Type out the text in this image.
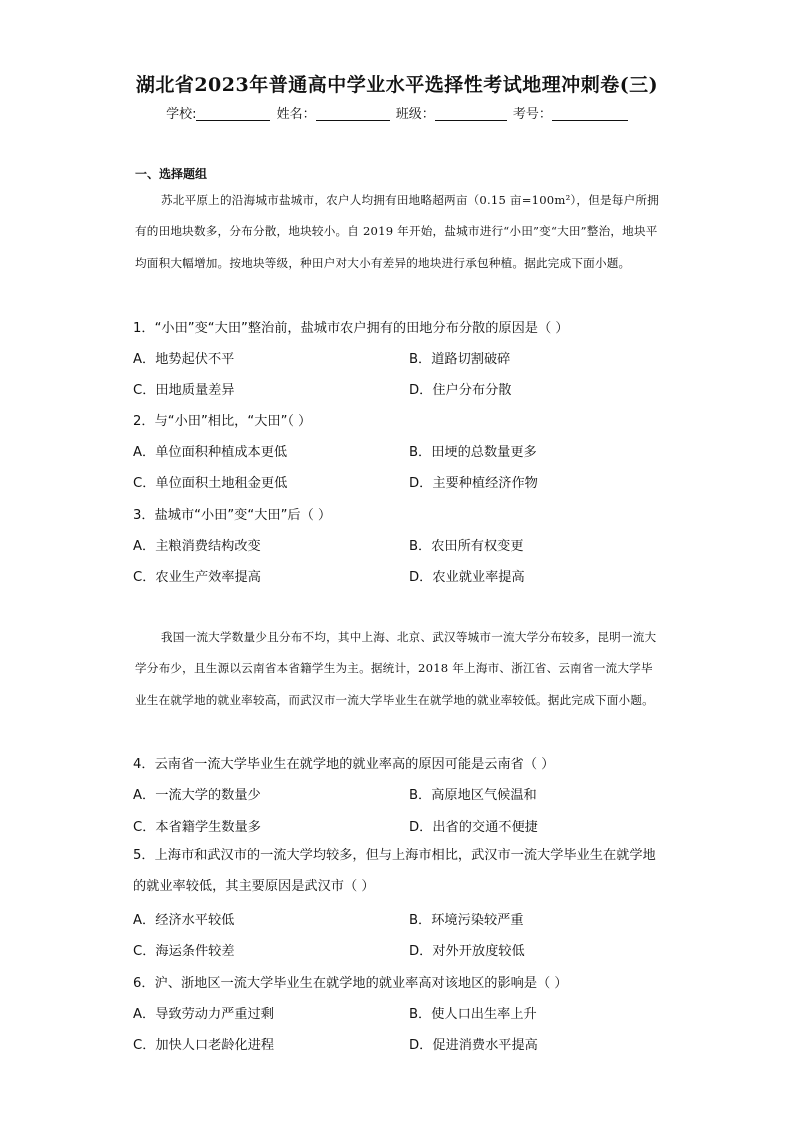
湖北省2023年普通高中学业水平选择性考试地理冲刺卷(三)
学校:	姓名：	班级：	考号：
一、选择题组

苏北平原上的沿海城市盐城市，农户人均拥有田地略超两亩（0.15 亩=100m²），但是每户所拥有的田地块数多，分布分散，地块较小。自 2019 年开始，盐城市进行“小田”变“大田”整治，地块平均面积大幅增加。按地块等级，种田户对大小有差异的地块进行承包种植。据此完成下面小题。

1．“小田”变“大田”整治前，盐城市农户拥有的田地分布分散的原因是（ ）
A．地势起伏不平	B．道路切割破碎
C．田地质量差异	D．住户分布分散
2．与“小田”相比，“大田”（ ）
A．单位面积种植成本更低	B．田埂的总数量更多
C．单位面积土地租金更低	D．主要种植经济作物
3．盐城市“小田”变“大田”后（ ）
A．主粮消费结构改变	B．农田所有权变更
C．农业生产效率提高	D．农业就业率提高

我国一流大学数量少且分布不均，其中上海、北京、武汉等城市一流大学分布较多，昆明一流大学分布少，且生源以云南省本省籍学生为主。据统计，2018 年上海市、浙江省、云南省一流大学毕业生在就学地的就业率较高，而武汉市一流大学毕业生在就学地的就业率较低。据此完成下面小题。

4．云南省一流大学毕业生在就学地的就业率高的原因可能是云南省（ ）
A．一流大学的数量少	B．高原地区气候温和
C．本省籍学生数量多	D．出省的交通不便捷
5．上海市和武汉市的一流大学均较多，但与上海市相比，武汉市一流大学毕业生在就学地的就业率较低，其主要原因是武汉市（ ）
A．经济水平较低	B．环境污染较严重
C．海运条件较差	D．对外开放度较低
6．沪、浙地区一流大学毕业生在就学地的就业率高对该地区的影响是（ ）
A．导致劳动力严重过剩	B．使人口出生率上升
C．加快人口老龄化进程	D．促进消费水平提高
